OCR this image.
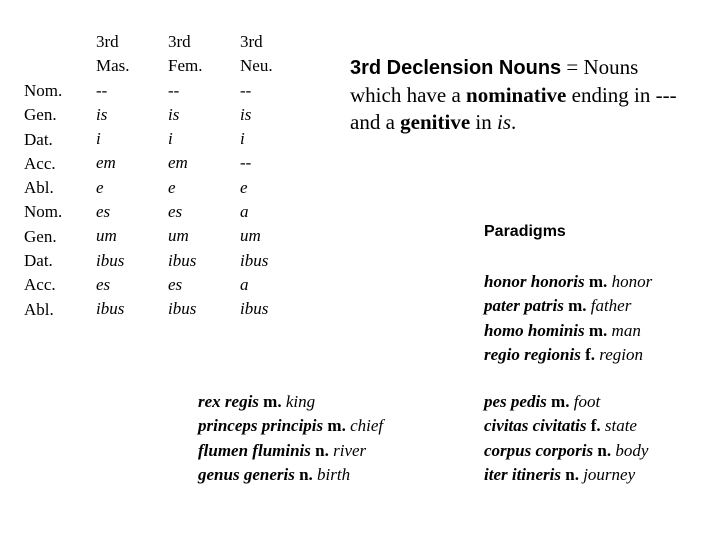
Nom.
Gen.
Dat.
Acc.
Abl.
Nom.
Gen.
Dat.
Acc.
Abl.
3rd
Mas.
--
is
i
em
e
es
um
ibus
es
ibus
3rd
Fem.
--
is
i
em
e
es
um
ibus
es
ibus
3rd
Neu.
--
is
i
--
e
a
um
ibus
a
ibus
3rd Declension Nouns = Nouns which have a nominative ending in --- and a genitive in is.
Paradigms
honor honoris m. honor
pater patris m. father
homo hominis m. man
regio regionis f. region
rex regis m. king
princeps principis m. chief
flumen fluminis n. river
genus generis n. birth
pes pedis m. foot
civitas civitatis f. state
corpus corporis n. body
iter itineris n. journey
